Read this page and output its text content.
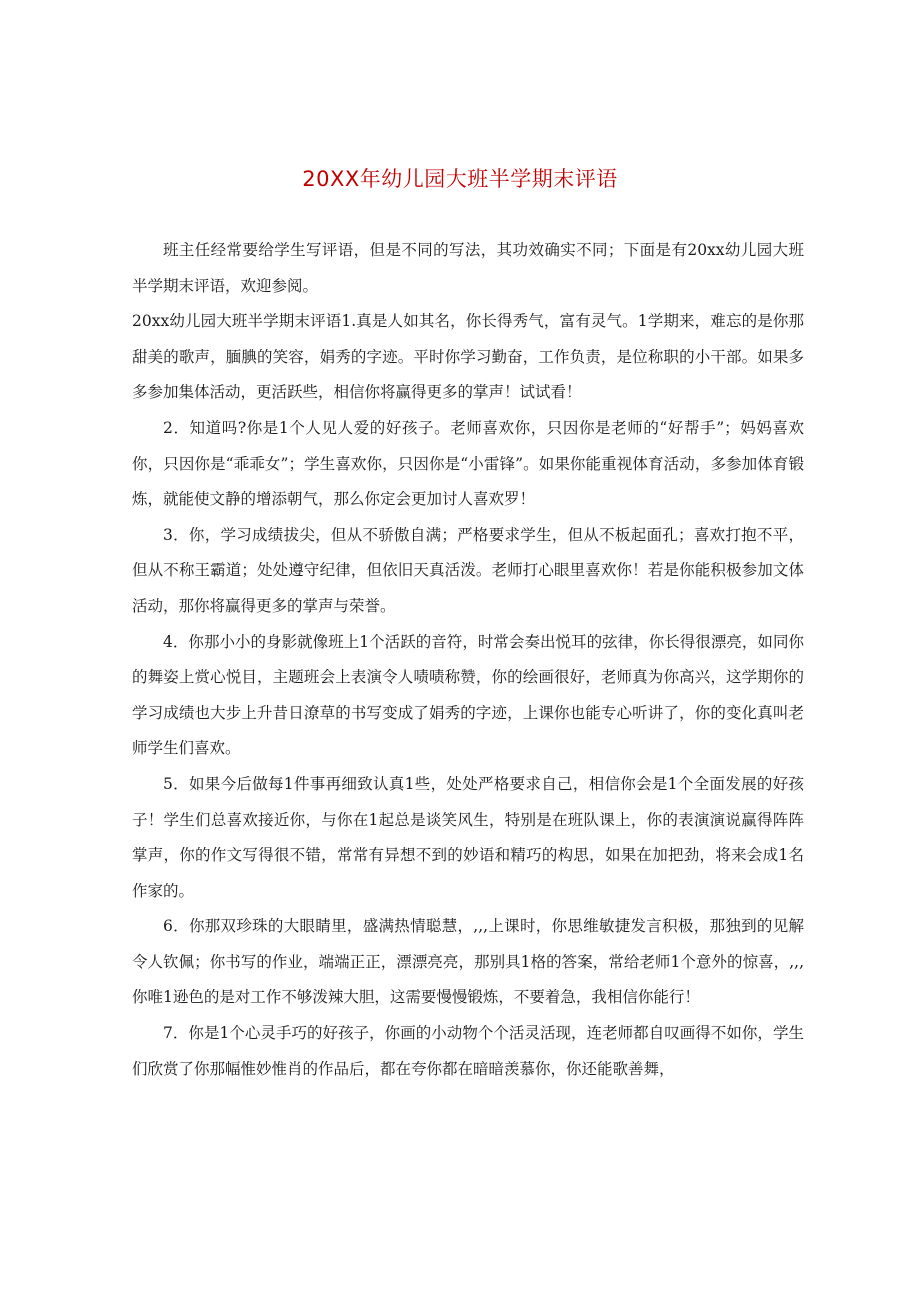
20XX年幼儿园大班半学期末评语

班主任经常要给学生写评语，但是不同的写法，其功效确实不同；下面是有20xx幼儿园大班半学期末评语，欢迎参阅。

20xx幼儿园大班半学期末评语1.真是人如其名，你长得秀气，富有灵气。1学期来，难忘的是你那甜美的歌声，腼腆的笑容，娟秀的字迹。平时你学习勤奋，工作负责，是位称职的小干部。如果多多参加集体活动，更活跃些，相信你将赢得更多的掌声！试试看！

2．知道吗?你是1个人见人爱的好孩子。老师喜欢你，只因你是老师的“好帮手”；妈妈喜欢你，只因你是“乖乖女”；学生喜欢你，只因你是“小雷锋”。如果你能重视体育活动，多参加体育锻炼，就能使文静的增添朝气，那么你定会更加讨人喜欢罗！

3．你，学习成绩拔尖，但从不骄傲自满；严格要求学生，但从不板起面孔；喜欢打抱不平，但从不称王霸道；处处遵守纪律，但依旧天真活泼。老师打心眼里喜欢你！若是你能积极参加文体活动，那你将赢得更多的掌声与荣誉。

4．你那小小的身影就像班上1个活跃的音符，时常会奏出悦耳的弦律，你长得很漂亮，如同你的舞姿上赏心悦目，主题班会上表演令人啧啧称赞，你的绘画很好，老师真为你高兴，这学期你的学习成绩也大步上升昔日潦草的书写变成了娟秀的字迹，上课你也能专心听讲了，你的变化真叫老师学生们喜欢。

5．如果今后做每1件事再细致认真1些，处处严格要求自己，相信你会是1个全面发展的好孩子！学生们总喜欢接近你，与你在1起总是谈笑风生，特别是在班队课上，你的表演演说赢得阵阵掌声，你的作文写得很不错，常常有异想不到的妙语和精巧的构思，如果在加把劲，将来会成1名作家的。

6．你那双珍珠的大眼睛里，盛满热情聪慧，,,,上课时，你思维敏捷发言积极，那独到的见解令人钦佩；你书写的作业，端端正正，漂漂亮亮，那别具1格的答案，常给老师1个意外的惊喜，,,,你唯1逊色的是对工作不够泼辣大胆，这需要慢慢锻炼，不要着急，我相信你能行！

7．你是1个心灵手巧的好孩子，你画的小动物个个活灵活现，连老师都自叹画得不如你，学生们欣赏了你那幅惟妙惟肖的作品后，都在夸你都在暗暗羡慕你，你还能歌善舞，
